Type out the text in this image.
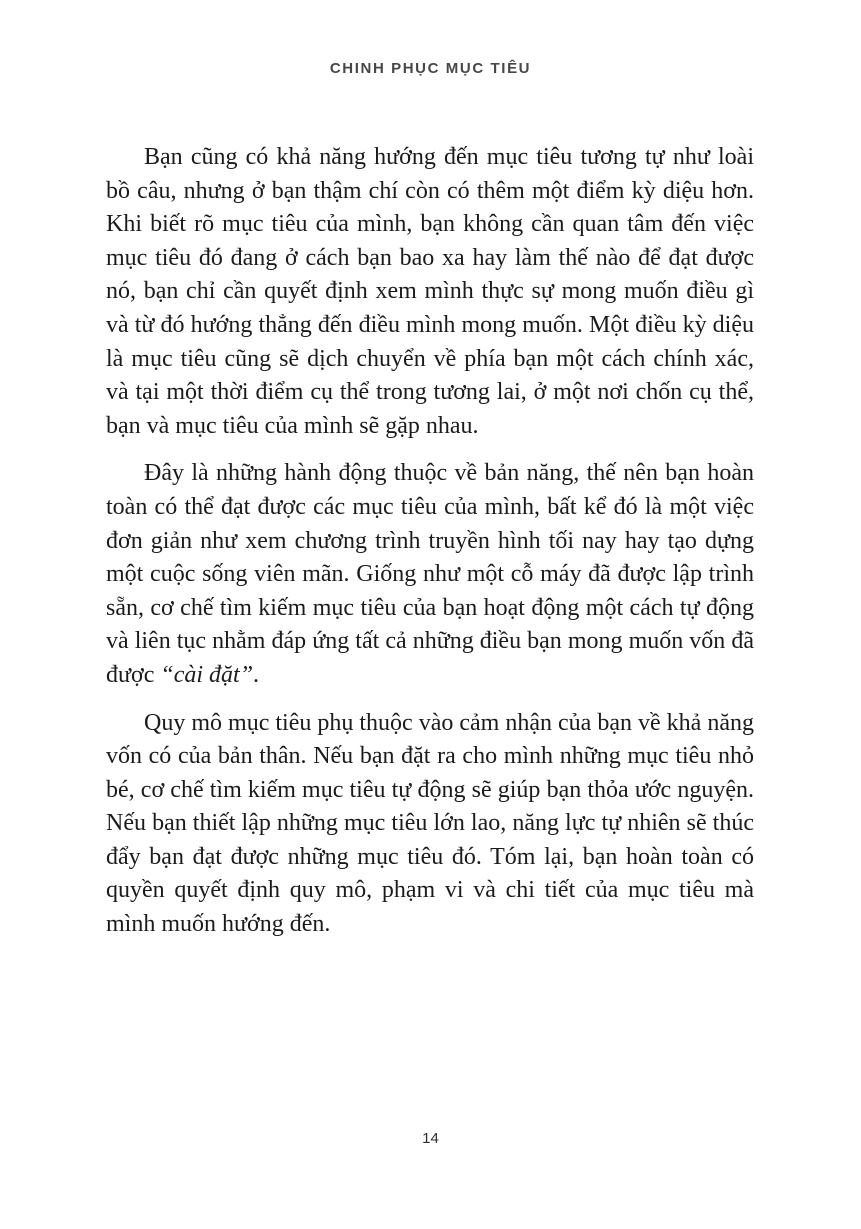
CHINH PHỤC MỤC TIÊU

Bạn cũng có khả năng hướng đến mục tiêu tương tự như loài bồ câu, nhưng ở bạn thậm chí còn có thêm một điểm kỳ diệu hơn. Khi biết rõ mục tiêu của mình, bạn không cần quan tâm đến việc mục tiêu đó đang ở cách bạn bao xa hay làm thế nào để đạt được nó, bạn chỉ cần quyết định xem mình thực sự mong muốn điều gì và từ đó hướng thẳng đến điều mình mong muốn. Một điều kỳ diệu là mục tiêu cũng sẽ dịch chuyển về phía bạn một cách chính xác, và tại một thời điểm cụ thể trong tương lai, ở một nơi chốn cụ thể, bạn và mục tiêu của mình sẽ gặp nhau.

Đây là những hành động thuộc về bản năng, thế nên bạn hoàn toàn có thể đạt được các mục tiêu của mình, bất kể đó là một việc đơn giản như xem chương trình truyền hình tối nay hay tạo dựng một cuộc sống viên mãn. Giống như một cỗ máy đã được lập trình sẵn, cơ chế tìm kiếm mục tiêu của bạn hoạt động một cách tự động và liên tục nhằm đáp ứng tất cả những điều bạn mong muốn vốn đã được “cài đặt”.

Quy mô mục tiêu phụ thuộc vào cảm nhận của bạn về khả năng vốn có của bản thân. Nếu bạn đặt ra cho mình những mục tiêu nhỏ bé, cơ chế tìm kiếm mục tiêu tự động sẽ giúp bạn thỏa ước nguyện. Nếu bạn thiết lập những mục tiêu lớn lao, năng lực tự nhiên sẽ thúc đẩy bạn đạt được những mục tiêu đó. Tóm lại, bạn hoàn toàn có quyền quyết định quy mô, phạm vi và chi tiết của mục tiêu mà mình muốn hướng đến.

14
